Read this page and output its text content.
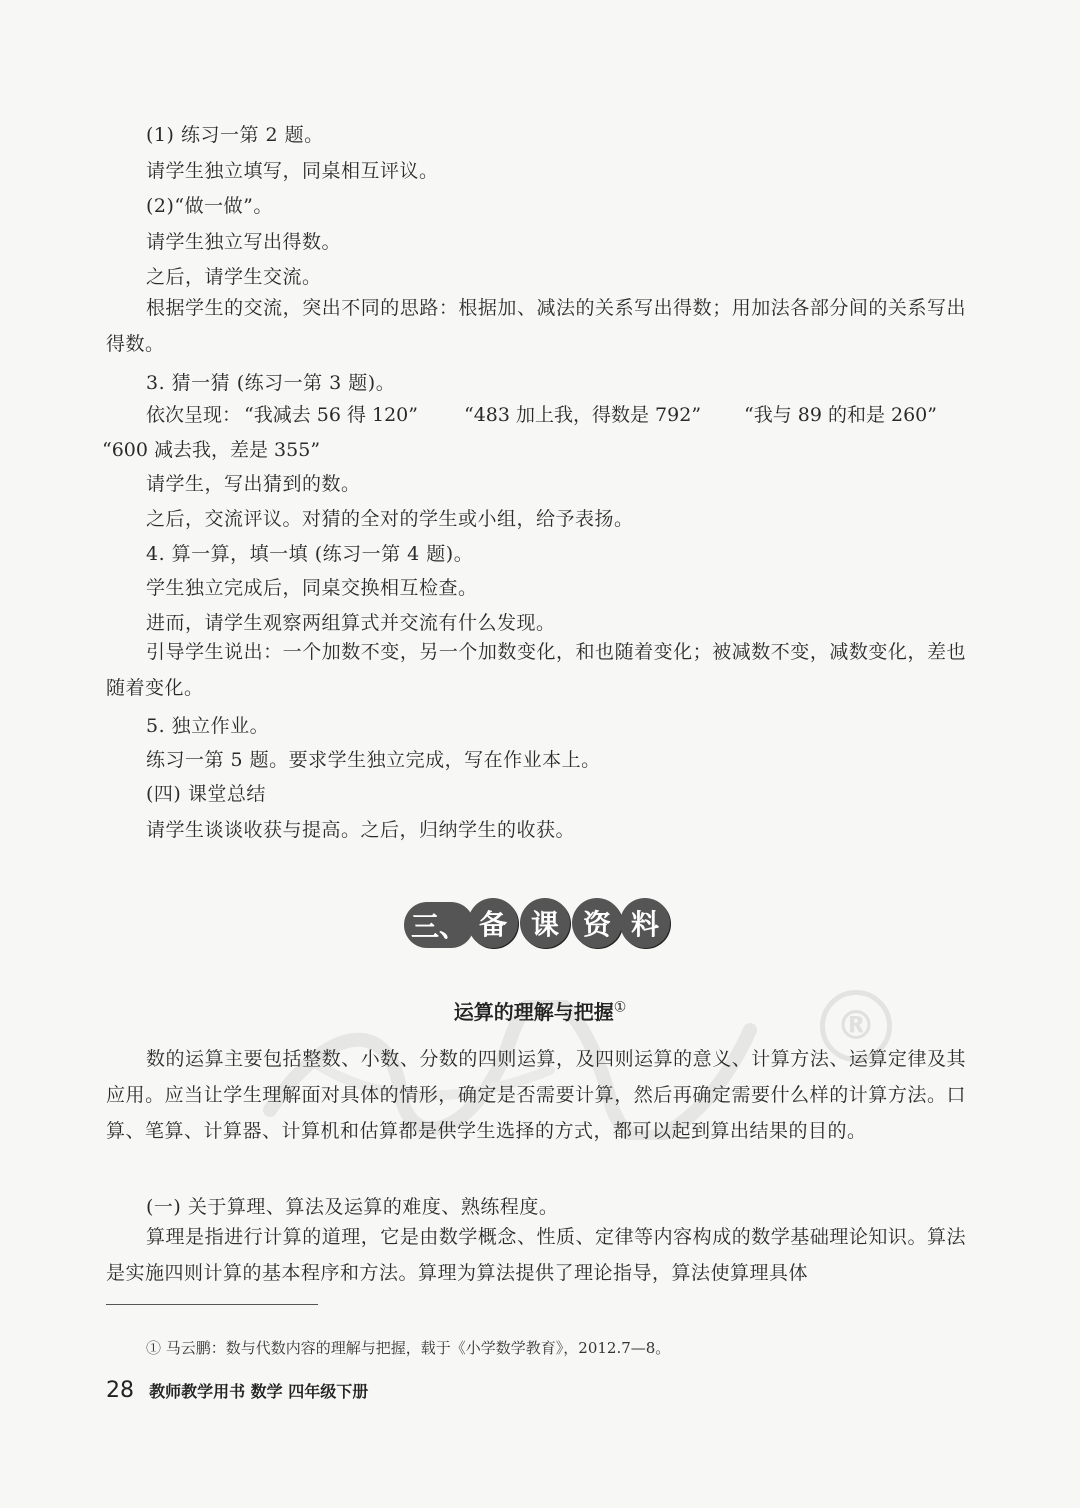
®
(1) 练习一第 2 题。
请学生独立填写，同桌相互评议。
(2)“做一做”。
请学生独立写出得数。
之后，请学生交流。
根据学生的交流，突出不同的思路：根据加、减法的关系写出得数；用加法各部分间的关系写出得数。
3. 猜一猜 (练习一第 3 题)。
依次呈现： “我减去 56 得 120” “483 加上我，得数是 792” “我与 89 的和是 260”
“600 减去我，差是 355”
请学生，写出猜到的数。
之后，交流评议。对猜的全对的学生或小组，给予表扬。
4. 算一算，填一填 (练习一第 4 题)。
学生独立完成后，同桌交换相互检查。
进而，请学生观察两组算式并交流有什么发现。
引导学生说出：一个加数不变，另一个加数变化，和也随着变化；被减数不变，减数变化，差也随着变化。
5. 独立作业。
练习一第 5 题。要求学生独立完成，写在作业本上。
(四) 课堂总结
请学生谈谈收获与提高。之后，归纳学生的收获。
三、 备 课 资 料
运算的理解与把握①
数的运算主要包括整数、小数、分数的四则运算，及四则运算的意义、计算方法、运算定律及其应用。应当让学生理解面对具体的情形，确定是否需要计算，然后再确定需要什么样的计算方法。口算、笔算、计算器、计算机和估算都是供学生选择的方式，都可以起到算出结果的目的。
(一) 关于算理、算法及运算的难度、熟练程度。
算理是指进行计算的道理，它是由数学概念、性质、定律等内容构成的数学基础理论知识。算法是实施四则计算的基本程序和方法。算理为算法提供了理论指导，算法使算理具体
① 马云鹏：数与代数内容的理解与把握，载于《小学数学教育》，2012.7—8。
28 教师教学用书 数学 四年级下册
